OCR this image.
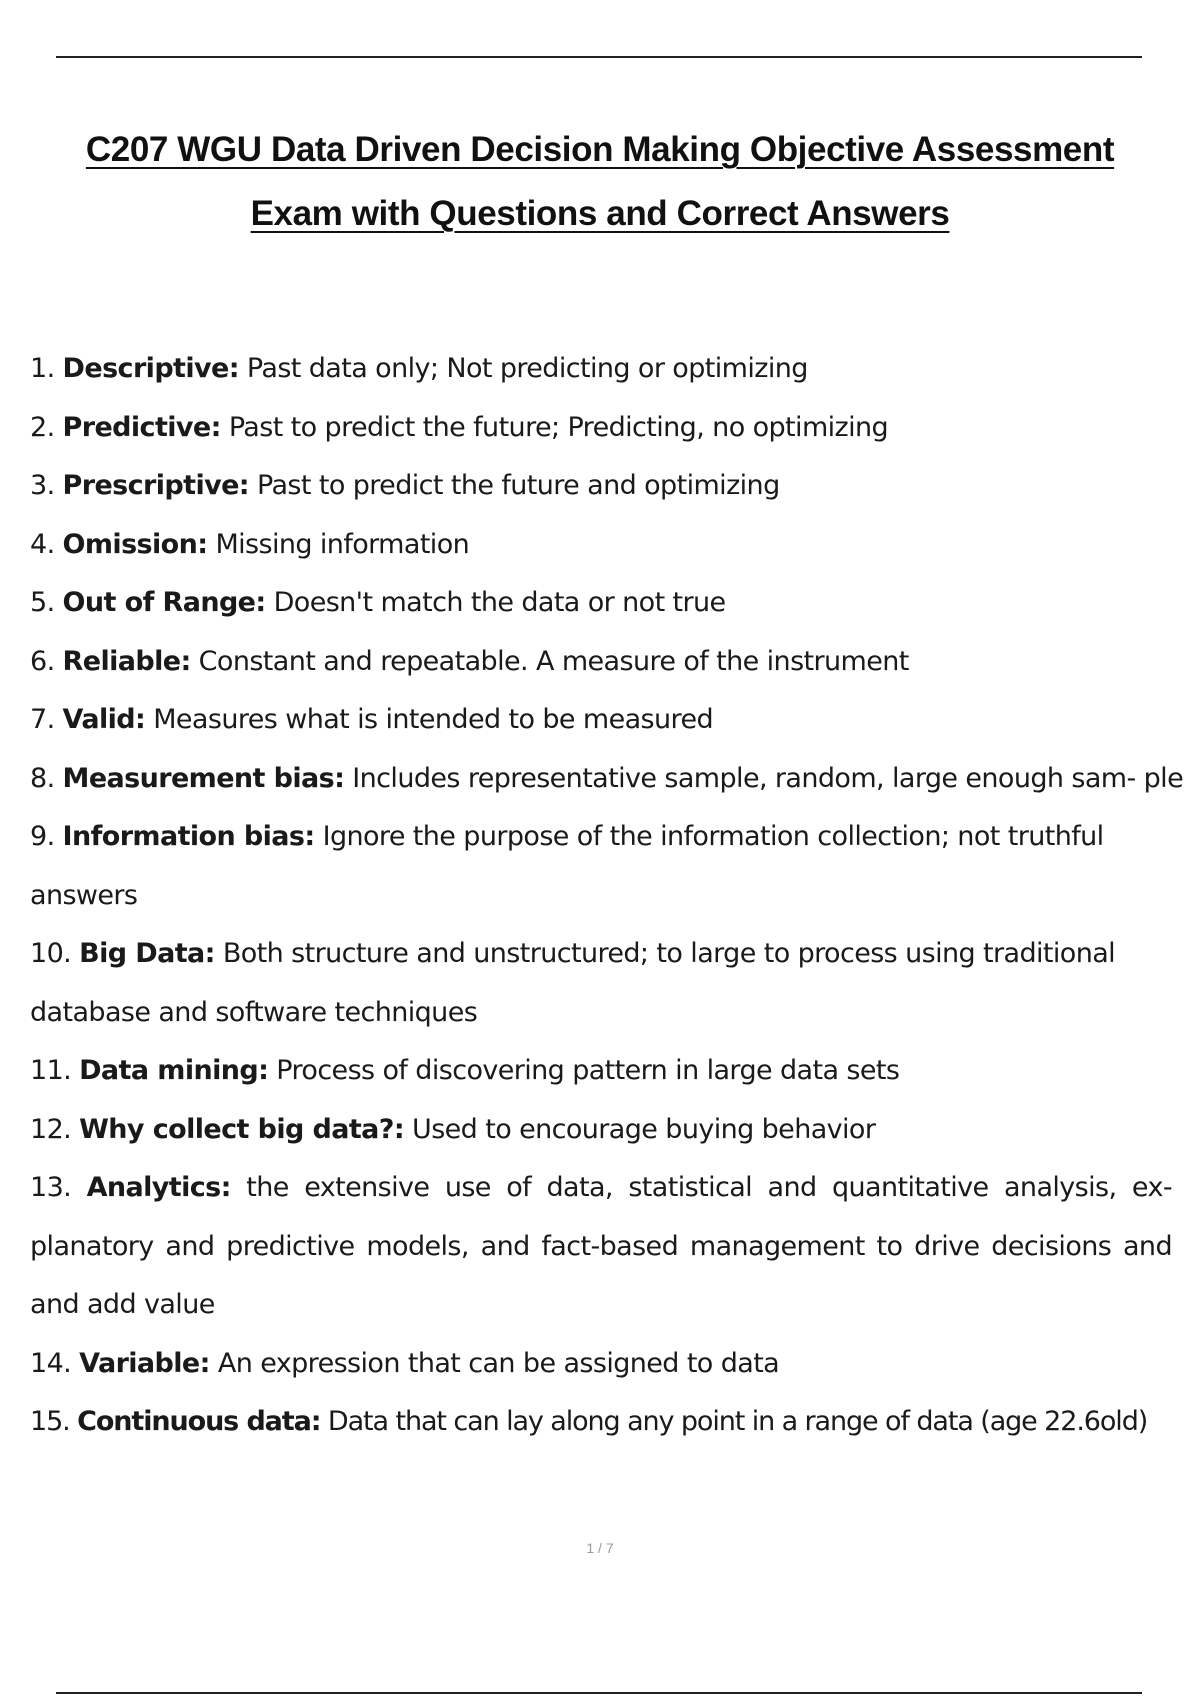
C207 WGU Data Driven Decision Making Objective Assessment
Exam with Questions and Correct Answers
1. Descriptive: Past data only; Not predicting or optimizing
2. Predictive: Past to predict the future; Predicting, no optimizing
3. Prescriptive: Past to predict the future and optimizing
4. Omission: Missing information
5. Out of Range: Doesn't match the data or not true
6. Reliable: Constant and repeatable. A measure of the instrument
7. Valid: Measures what is intended to be measured
8. Measurement bias: Includes representative sample, random, large enough sam- ple
9. Information bias: Ignore the purpose of the information collection; not truthful answers
10. Big Data: Both structure and unstructured; to large to process using traditional database and software techniques
11. Data mining: Process of discovering pattern in large data sets
12. Why collect big data?: Used to encourage buying behavior
13. Analytics: the extensive use of data, statistical and quantitative analysis, ex- planatory and predictive models, and fact-based management to drive decisions and and add value
14. Variable: An expression that can be assigned to data
15. Continuous data: Data that can lay along any point in a range of data (age 22.6old)
1 / 7
